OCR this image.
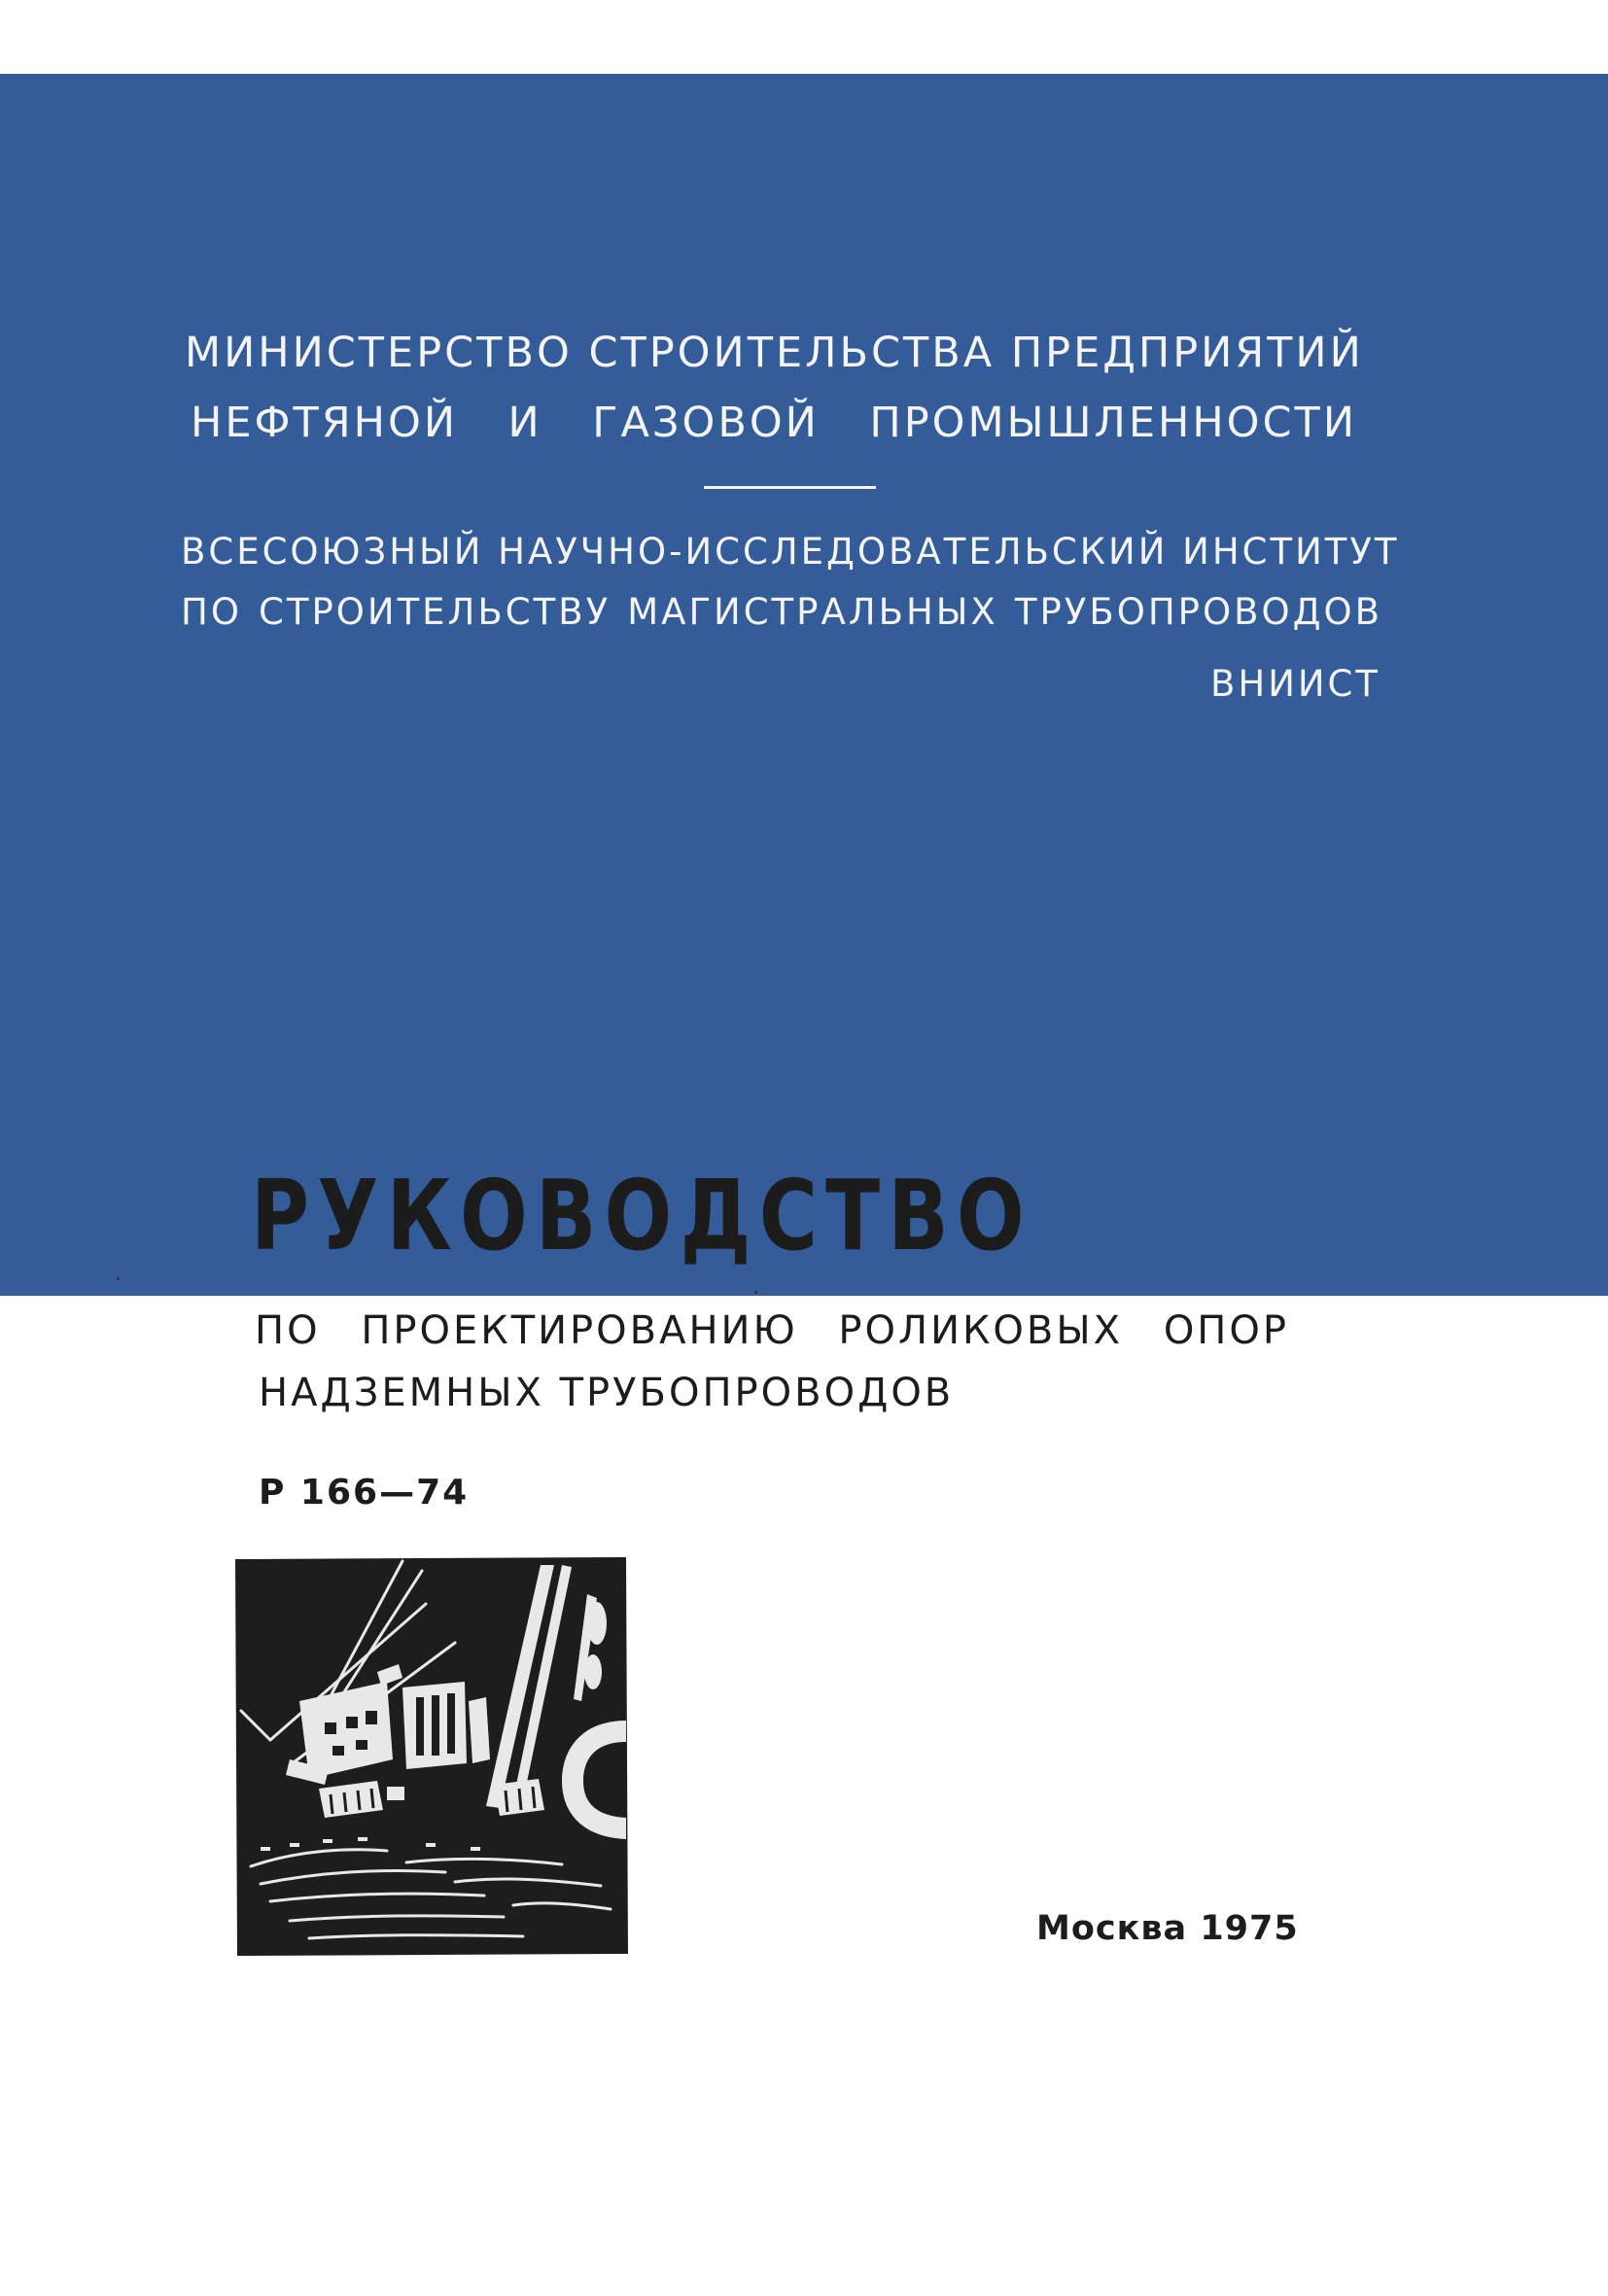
МИНИСТЕРСТВО СТРОИТЕЛЬСТВА ПРЕДПРИЯТИЙ
НЕФТЯНОЙ И ГАЗОВОЙ ПРОМЫШЛЕННОСТИ
ВСЕСОЮЗНЫЙ НАУЧНО-ИССЛЕДОВАТЕЛЬСКИЙ ИНСТИТУТ
ПО СТРОИТЕЛЬСТВУ МАГИСТРАЛЬНЫХ ТРУБОПРОВОДОВ
ВНИИСТ
РУКОВОДСТВО
ПО ПРОЕКТИРОВАНИЮ РОЛИКОВЫХ ОПОР
НАДЗЕМНЫХ ТРУБОПРОВОДОВ
Р 166—74
Москва 1975
